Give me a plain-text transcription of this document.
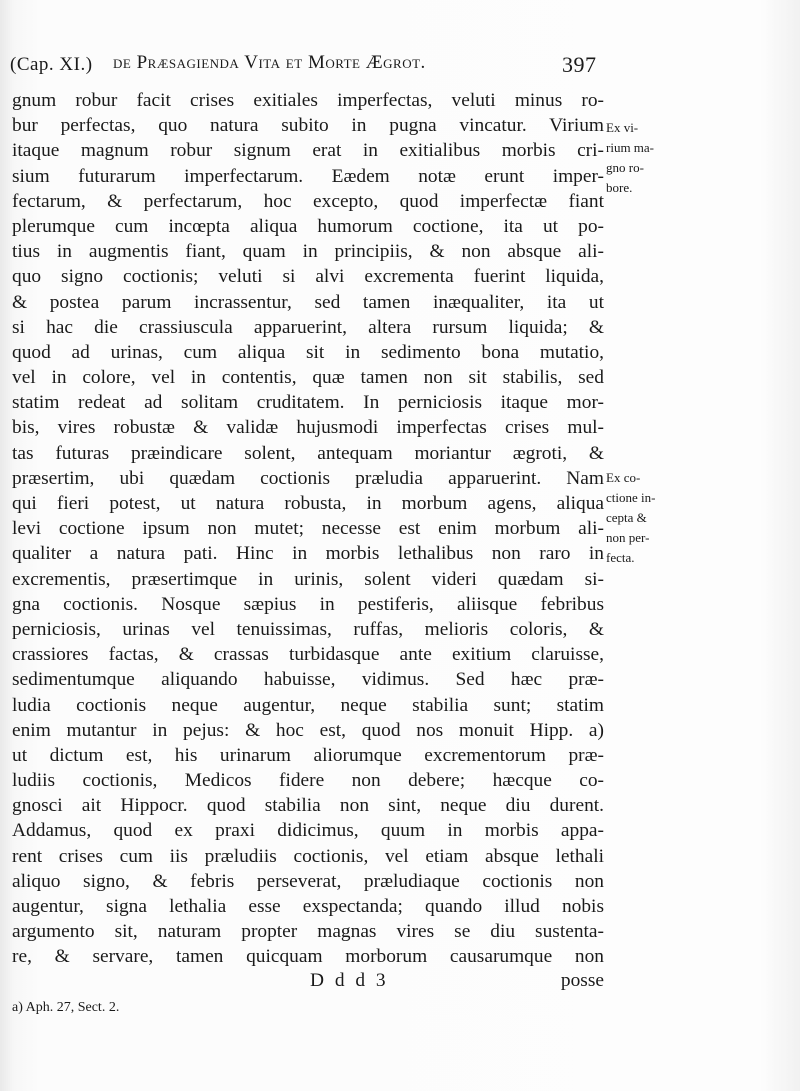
(Cap. XI.) de Præsagienda Vita et Morte Ægrot.	397
gnum robur facit crises exitiales imperfectas, veluti minus ro-
bur perfectas, quo natura subito in pugna vincatur. Virium
itaque magnum robur signum erat in exitialibus morbis cri-
sium futurarum imperfectarum. Eædem notæ erunt imper-
fectarum, & perfectarum, hoc excepto, quod imperfectæ fiant
plerumque cum incœpta aliqua humorum coctione, ita ut po-
tius in augmentis fiant, quam in principiis, & non absque ali-
quo signo coctionis; veluti si alvi excrementa fuerint liquida,
& postea parum incrassentur, sed tamen inæqualiter, ita ut
si hac die crassiuscula apparuerint, altera rursum liquida; &
quod ad urinas, cum aliqua sit in sedimento bona mutatio,
vel in colore, vel in contentis, quæ tamen non sit stabilis, sed
statim redeat ad solitam cruditatem. In perniciosis itaque mor-
bis, vires robustæ & validæ hujusmodi imperfectas crises mul-
tas futuras præindicare solent, antequam moriantur ægroti, &
præsertim, ubi quædam coctionis præludia apparuerint. Nam
qui fieri potest, ut natura robusta, in morbum agens, aliqua
levi coctione ipsum non mutet; necesse est enim morbum ali-
qualiter a natura pati. Hinc in morbis lethalibus non raro in
excrementis, præsertimque in urinis, solent videri quædam si-
gna coctionis. Nosque sæpius in pestiferis, aliisque febribus
perniciosis, urinas vel tenuissimas, ruffas, melioris coloris, &
crassiores factas, & crassas turbidasque ante exitium claruisse,
sedimentumque aliquando habuisse, vidimus. Sed hæc præ-
ludia coctionis neque augentur, neque stabilia sunt; statim
enim mutantur in pejus: & hoc est, quod nos monuit Hipp. a)
ut dictum est, his urinarum aliorumque excrementorum præ-
ludiis coctionis, Medicos fidere non debere; hæcque co-
gnosci ait Hippocr. quod stabilia non sint, neque diu durent.
Addamus, quod ex praxi didicimus, quum in morbis appa-
rent crises cum iis præludiis coctionis, vel etiam absque lethali
aliquo signo, & febris perseverat, præludiaque coctionis non
augentur, signa lethalia esse exspectanda; quando illud nobis
argumento sit, naturam propter magnas vires se diu sustenta-
re, & servare, tamen quicquam morborum causarumque non
Ex vi-
rium ma-
gno ro-
bore.
Ex co-
ctione in-
cepta &
non per-
fecta.
D d d 3	posse
a) Aph. 27, Sect. 2.
